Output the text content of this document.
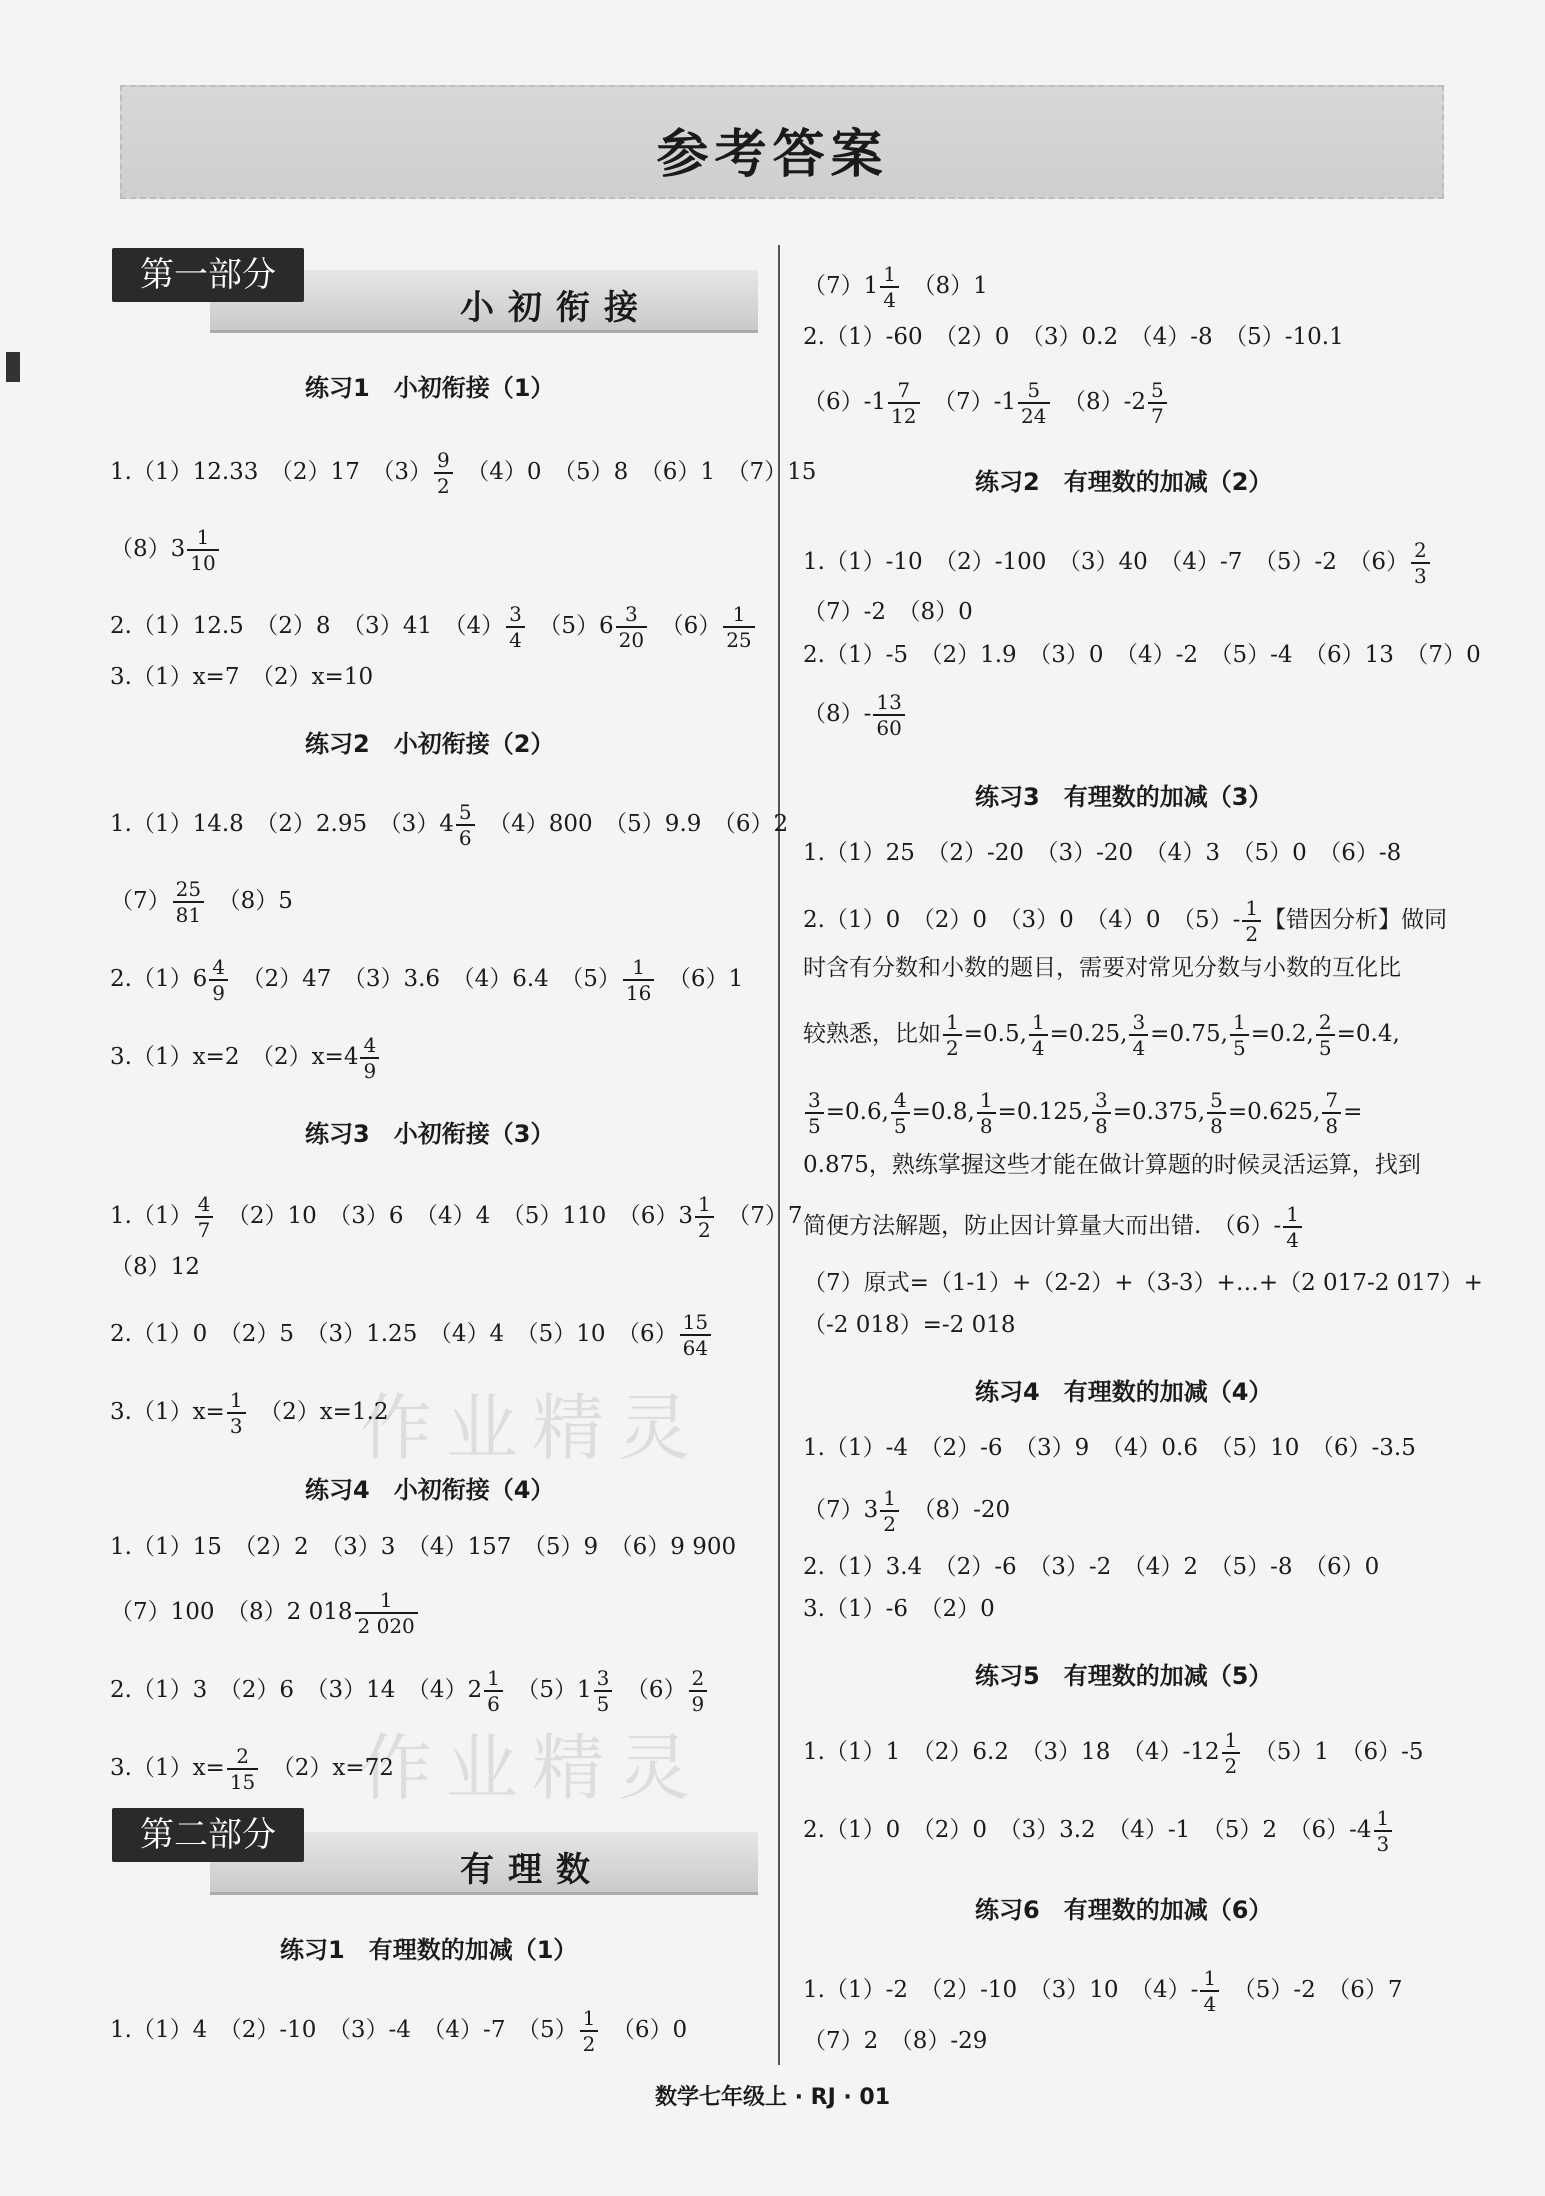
参考答案
作业精灵
作业精灵
小初衔接
第一部分
练习1　小初衔接（1）
1.（1）12.33　（2）17　$(3) \frac{9}{2}$ 　（4）0　（5）8　（6）1　（7）15
$(8)3 \frac{1}{10}$
2.（1）12.5　（2）8　（3）41　$(4) \frac{3}{4}$ 　$(5)6 \frac{3}{20}$ 　$(6) \frac{1}{25}$
3.（1）x=7　（2）x=10
练习2　小初衔接（2）
1.（1）14.8　（2）2.95　$(3)4 \frac{5}{6}$ 　（4）800　（5）9.9　（6）2
$(7) \frac{25}{81}$ 　（8）5
$2.(1)6 \frac{4}{9}$ 　（2）47　（3）3.6　（4）6.4　$(5) \frac{1}{16}$ 　（6）1
3.（1）x=2　$(2)x=4 \frac{4}{9}$
练习3　小初衔接（3）
$1.(1) \frac{4}{7}$ 　（2）10　（3）6　（4）4　（5）110　$(6)3 \frac{1}{2}$ 　（7）7
（8）12
2.（1）0　（2）5　（3）1.25　（4）4　（5）10　$(6) \frac{15}{64}$
$3.(1)x= \frac{1}{3}$ 　（2）x=1.2
练习4　小初衔接（4）
1.（1）15　（2）2　（3）3　（4）157　（5）9　（6）9 900
（7）100　（8）2 $018 \frac{1}{2 020}$
2.（1）3　（2）6　（3）14　$(4)2 \frac{1}{6}$ 　$(5)1 \frac{3}{5}$ 　$(6) \frac{2}{9}$
$3.(1)x= \frac{2}{15}$ 　（2）x=72
有理数
第二部分
练习1　有理数的加减（1）
1.（1）4　（2）-10　（3）-4　（4）-7　$(5) \frac{1}{2}$ 　（6）0
$(7)1 \frac{1}{4}$ 　（8）1
2.（1）-60　（2）0　（3）0.2　（4）-8　（5）-10.1
$(6)-1 \frac{7}{12}$ 　$(7)-1 \frac{5}{24}$ 　$(8)-2 \frac{5}{7}$
练习2　有理数的加减（2）
1.（1）-10　（2）-100　（3）40　（4）-7　（5）-2　$(6) \frac{2}{3}$
（7）-2　（8）0
2.（1）-5　（2）1.9　（3）0　（4）-2　（5）-4　（6）13　（7）0
$(8)- \frac{13}{60}$
练习3　有理数的加减（3）
1.（1）25　（2）-20　（3）-20　（4）3　（5）0　（6）-8
2.（1）0　（2）0　（3）0　（4）0　$(5)- \frac{1}{2}$ 【错因分析】做同
时含有分数和小数的题目，需要对常见分数与小数的互化比
较熟悉，比如 $\frac{1}{2} =0.5$, $\frac{1}{4} =0.25$, $\frac{3}{4} =0.75$, $\frac{1}{5} =0.2$, $\frac{2}{5} =0.4$,
$\frac{3}{5} =0.6$, $\frac{4}{5} =0.8$, $\frac{1}{8} =0.125$, $\frac{3}{8} =0.375$, $\frac{5}{8} =0.625$, $\frac{7}{8}$ =
0.875，熟练掌握这些才能在做计算题的时候灵活运算，找到
简便方法解题，防止因计算量大而出错.　$(6)- \frac{1}{4}$
（7）原式=（1-1）+（2-2）+（3-3）+…+（2 017-2 017）+
（-2 018）=-2 018
练习4　有理数的加减（4）
1.（1）-4　（2）-6　（3）9　（4）0.6　（5）10　（6）-3.5
$(7)3 \frac{1}{2}$ 　（8）-20
2.（1）3.4　（2）-6　（3）-2　（4）2　（5）-8　（6）0
3.（1）-6　（2）0
练习5　有理数的加减（5）
1.（1）1　（2）6.2　（3）18　$(4)-12 \frac{1}{2}$ 　（5）1　（6）-5
2.（1）0　（2）0　（3）3.2　（4）-1　（5）2　$(6)-4 \frac{1}{3}$
练习6　有理数的加减（6）
1.（1）-2　（2）-10　（3）10　$(4)- \frac{1}{4}$ 　（5）-2　（6）7
（7）2　（8）-29
数学七年级上 · RJ · 01
